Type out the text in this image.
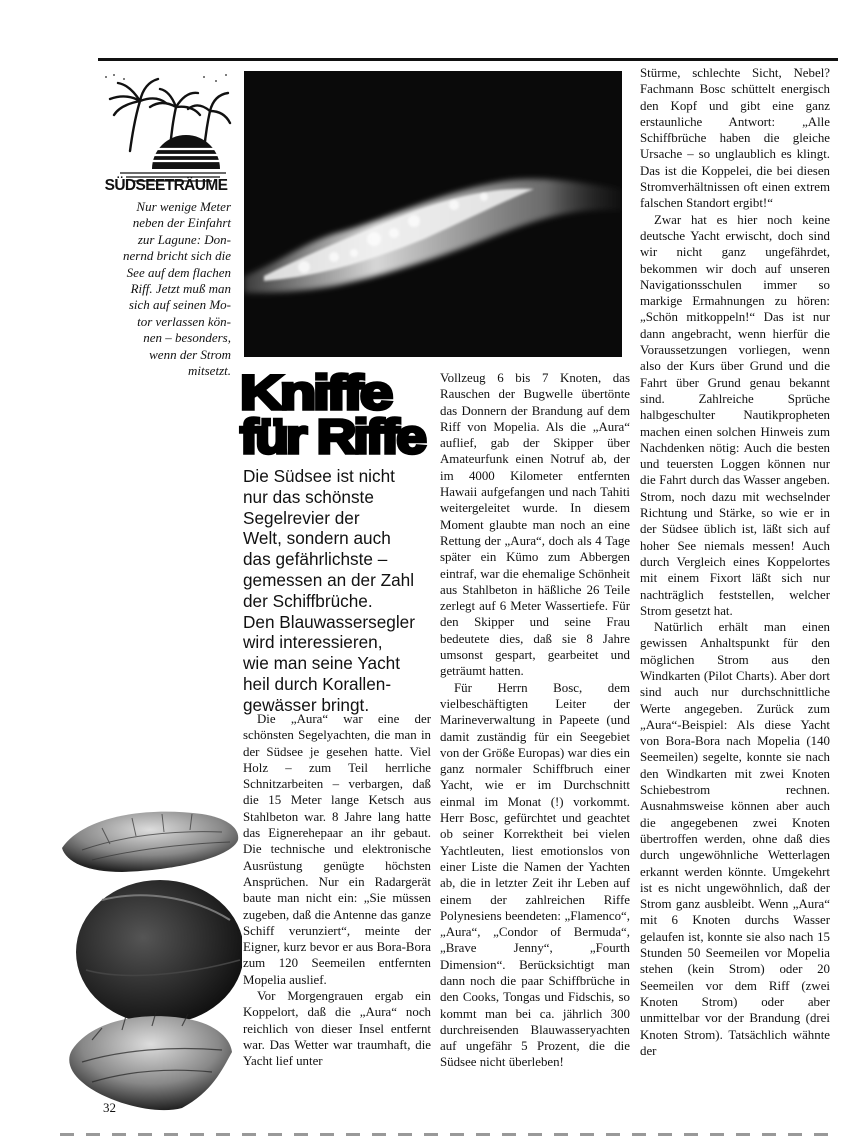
SÜDSEETRÄUME
Nur wenige Meter
neben der Einfahrt
zur Lagune: Don-
nernd bricht sich die
See auf dem flachen
Riff. Jetzt muß man
sich auf seinen Mo-
tor verlassen kön-
nen – besonders,
wenn der Strom
mitsetzt. Kniffe
für Riffe
Die Südsee ist nicht
nur das schönste
Segelrevier der
Welt, sondern auch
das gefährlichste –
gemessen an der Zahl
der Schiffbrüche.
Den Blauwassersegler
wird interessieren,
wie man seine Yacht
heil durch Korallen-
gewässer bringt.

Die „Aura“ war eine der schönsten Segelyachten, die man in der Südsee je gesehen hatte. Viel Holz – zum Teil herrliche Schnitzarbeiten – verbargen, daß die 15 Meter lange Ketsch aus Stahlbeton war. 8 Jahre lang hatte das Eignerehepaar an ihr gebaut. Die technische und elektronische Ausrüstung genügte höchsten Ansprüchen. Nur ein Radargerät baute man nicht ein: „Sie müssen zugeben, daß die Antenne das ganze Schiff verunziert“, meinte der Eigner, kurz bevor er aus Bora-Bora zum 120 Seemeilen entfernten Mopelia auslief.

Vor Morgengrauen ergab ein Koppelort, daß die „Aura“ noch reichlich von dieser Insel entfernt war. Das Wetter war traumhaft, die Yacht lief unter

Vollzeug 6 bis 7 Knoten, das Rauschen der Bugwelle übertönte das Donnern der Brandung auf dem Riff von Mopelia. Als die „Aura“ auflief, gab der Skipper über Amateurfunk einen Notruf ab, der im 4000 Kilometer entfernten Hawaii aufgefangen und nach Tahiti weitergeleitet wurde. In diesem Moment glaubte man noch an eine Rettung der „Aura“, doch als 4 Tage später ein Kümo zum Abbergen eintraf, war die ehemalige Schönheit aus Stahlbeton in häßliche 26 Teile zerlegt auf 6 Meter Wassertiefe. Für den Skipper und seine Frau bedeutete dies, daß sie 8 Jahre umsonst gespart, gearbeitet und geträumt hatten.

Für Herrn Bosc, dem vielbeschäftigten Leiter der Marineverwaltung in Papeete (und damit zuständig für ein Seegebiet von der Größe Europas) war dies ein ganz normaler Schiffbruch einer Yacht, wie er im Durchschnitt einmal im Monat (!) vorkommt. Herr Bosc, gefürchtet und geachtet ob seiner Korrektheit bei vielen Yachtleuten, liest emotionslos von einer Liste die Namen der Yachten ab, die in letzter Zeit ihr Leben auf einem der zahlreichen Riffe Polynesiens beendeten: „Flamenco“, „Aura“, „Condor of Bermuda“, „Brave Jenny“, „Fourth Dimension“. Berücksichtigt man dann noch die paar Schiffbrüche in den Cooks, Tongas und Fidschis, so kommt man bei ca. jährlich 300 durchreisenden Blauwasseryachten auf ungefähr 5 Prozent, die die Südsee nicht überleben!

Stürme, schlechte Sicht, Nebel? Fachmann Bosc schüttelt energisch den Kopf und gibt eine ganz erstaunliche Antwort: „Alle Schiffbrüche haben die gleiche Ursache – so unglaublich es klingt. Das ist die Koppelei, die bei diesen Stromverhältnissen oft einen extrem falschen Standort ergibt!“

Zwar hat es hier noch keine deutsche Yacht erwischt, doch sind wir nicht ganz ungefährdet, bekommen wir doch auf unseren Navigationsschulen immer so markige Ermahnungen zu hören: „Schön mitkoppeln!“ Das ist nur dann angebracht, wenn hierfür die Voraussetzungen vorliegen, wenn also der Kurs über Grund und die Fahrt über Grund genau bekannt sind. Zahlreiche Sprüche halbgeschulter Nautikpropheten machen einen solchen Hinweis zum Nachdenken nötig: Auch die besten und teuersten Loggen können nur die Fahrt durch das Wasser angeben. Strom, noch dazu mit wechselnder Richtung und Stärke, so wie er in der Südsee üblich ist, läßt sich auf hoher See niemals messen! Auch durch Vergleich eines Koppelortes mit einem Fixort läßt sich nur nachträglich feststellen, welcher Strom gesetzt hat.

Natürlich erhält man einen gewissen Anhaltspunkt für den möglichen Strom aus den Windkarten (Pilot Charts). Aber dort sind auch nur durchschnittliche Werte angegeben. Zurück zum „Aura“-Beispiel: Als diese Yacht von Bora-Bora nach Mopelia (140 Seemeilen) segelte, konnte sie nach den Windkarten mit zwei Knoten Schiebestrom rechnen. Ausnahmsweise können aber auch die angegebenen zwei Knoten übertroffen werden, ohne daß dies durch ungewöhnliche Wetterlagen erkannt werden könnte. Umgekehrt ist es nicht ungewöhnlich, daß der Strom ganz ausbleibt. Wenn „Aura“ mit 6 Knoten durchs Wasser gelaufen ist, konnte sie also nach 15 Stunden 50 Seemeilen vor Mopelia stehen (kein Strom) oder 20 Seemeilen vor dem Riff (zwei Knoten Strom) oder aber unmittelbar vor der Brandung (drei Knoten Strom). Tatsächlich wähnte der

32
